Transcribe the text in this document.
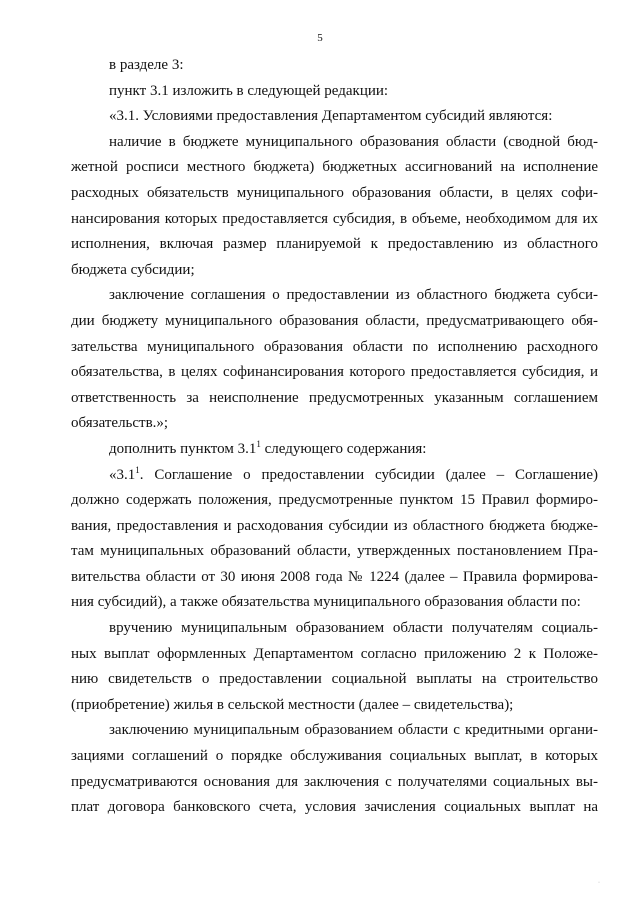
5
в разделе 3:
пункт 3.1 изложить в следующей редакции:
«3.1. Условиями предоставления Департаментом субсидий являются:
наличие в бюджете муниципального образования области (сводной бюд-
жетной росписи местного бюджета) бюджетных ассигнований на исполнение
расходных обязательств муниципального образования области, в целях софи-
нансирования которых предоставляется субсидия, в объеме, необходимом для их
исполнения, включая размер планируемой к предоставлению из областного
бюджета субсидии;
заключение соглашения о предоставлении из областного бюджета субси-
дии бюджету муниципального образования области, предусматривающего обя-
зательства муниципального образования области по исполнению расходного
обязательства, в целях софинансирования которого предоставляется субсидия, и
ответственность за неисполнение предусмотренных указанным соглашением
обязательств.»;
дополнить пунктом $3.1^1$ следующего содержания:
«$3.1^1$. Соглашение о предоставлении субсидии (далее – Соглашение)
должно содержать положения, предусмотренные пунктом 15 Правил формиро-
вания, предоставления и расходования субсидии из областного бюджета бюдже-
там муниципальных образований области, утвержденных постановлением Пра-
вительства области от 30 июня 2008 года № 1224 (далее – Правила формирова-
ния субсидий), а также обязательства муниципального образования области по:
вручению муниципальным образованием области получателям социаль-
ных выплат оформленных Департаментом согласно приложению 2 к Положе-
нию свидетельств о предоставлении социальной выплаты на строительство
(приобретение) жилья в сельской местности (далее – свидетельства);
заключению муниципальным образованием области с кредитными органи-
зациями соглашений о порядке обслуживания социальных выплат, в которых
предусматриваются основания для заключения с получателями социальных вы-
плат договора банковского счета, условия зачисления социальных выплат на
·
